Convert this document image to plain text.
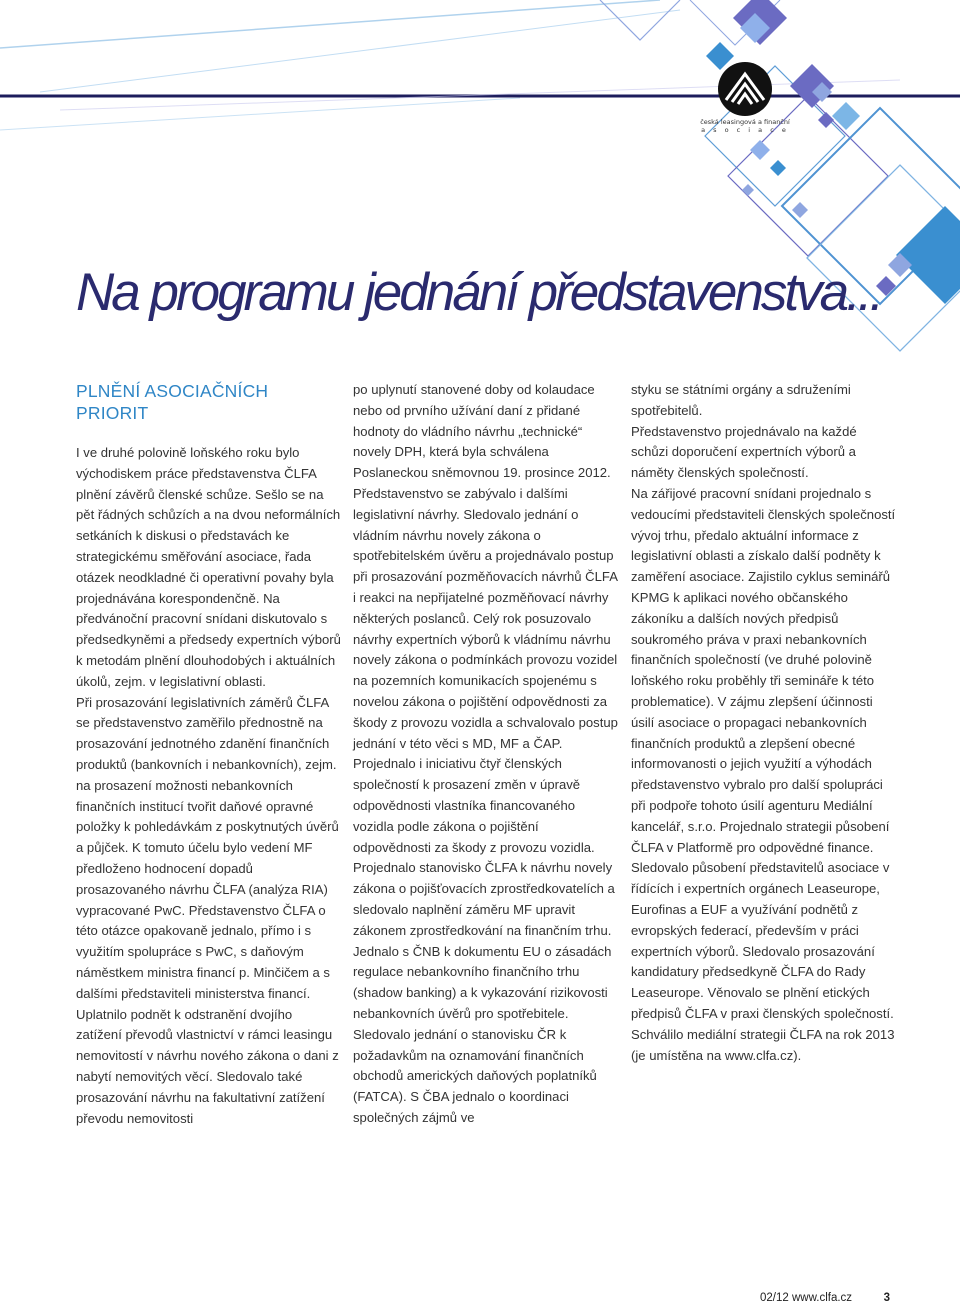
česká leasingová a finanční
a s o c i a c e
Na programu jednání představenstva...
PLNĚNÍ ASOCIAČNÍCH PRIORIT

I ve druhé polovině loňského roku bylo východiskem práce představenstva ČLFA plnění závěrů členské schůze. Sešlo se na pět řádných schůzích a na dvou neformálních setkáních k diskusi o představách ke strategickému směřování asociace, řada otázek neodkladné či operativní povahy byla projednávána korespondenčně. Na předvánoční pracovní snídani diskutovalo s předsedkyněmi a předsedy expertních výborů k metodám plnění dlouhodobých i aktuálních úkolů, zejm. v legislativní oblasti.

Při prosazování legislativních záměrů ČLFA se představenstvo zaměřilo přednostně na prosazování jednotného zdanění finančních produktů (bankovních i nebankovních), zejm. na prosazení možnosti nebankovních finančních institucí tvořit daňové opravné položky k pohledávkám z poskytnutých úvěrů a půjček. K tomuto účelu bylo vedení MF předloženo hodnocení dopadů prosazovaného návrhu ČLFA (analýza RIA) vypracované PwC. Představenstvo ČLFA o této otázce opakovaně jednalo, přímo i s využitím spolupráce s PwC, s daňovým náměstkem ministra financí p. Minčičem a s dalšími představiteli ministerstva financí. Uplatnilo podnět k odstranění dvojího zatížení převodů vlastnictví v rámci leasingu nemovitostí v návrhu nového zákona o dani z nabytí nemovitých věcí. Sledovalo také prosazování návrhu na fakultativní zatížení převodu nemovitosti

po uplynutí stanovené doby od kolaudace nebo od prvního užívání daní z přidané hodnoty do vládního návrhu „technické“ novely DPH, která byla schválena Poslaneckou sněmovnou 19. prosince 2012.

Představenstvo se zabývalo i dalšími legislativní návrhy. Sledovalo jednání o vládním návrhu novely zákona o spotřebitelském úvěru a projednávalo postup při prosazování pozměňovacích návrhů ČLFA i reakci na nepřijatelné pozměňovací návrhy některých poslanců. Celý rok posuzovalo návrhy expertních výborů k vládnímu návrhu novely zákona o podmínkách provozu vozidel na pozemních komunikacích spojenému s novelou zákona o pojištění odpovědnosti za škody z provozu vozidla a schvalovalo postup jednání v této věci s MD, MF a ČAP. Projednalo i iniciativu čtyř členských společností k prosazení změn v úpravě odpovědnosti vlastníka financovaného vozidla podle zákona o pojištění odpovědnosti za škody z provozu vozidla. Projednalo stanovisko ČLFA k návrhu novely zákona o pojišťovacích zprostředkovatelích a sledovalo naplnění záměru MF upravit zákonem zprostředkování na finančním trhu. Jednalo s ČNB k dokumentu EU o zásadách regulace nebankovního finančního trhu (shadow banking) a k vykazování rizikovosti nebankovních úvěrů pro spotřebitele. Sledovalo jednání o stanovisku ČR k požadavkům na oznamování finančních obchodů amerických daňových poplatníků (FATCA). S ČBA jednalo o koordinaci společných zájmů ve

styku se státními orgány a sdruženími spotřebitelů.

Představenstvo projednávalo na každé schůzi doporučení expertních výborů a náměty členských společností.

Na zářijové pracovní snídani projednalo s vedoucími představiteli členských společností vývoj trhu, předalo aktuální informace z legislativní oblasti a získalo další podněty k zaměření asociace. Zajistilo cyklus seminářů KPMG k aplikaci nového občanského zákoníku a dalších nových předpisů soukromého práva v praxi nebankovních finančních společností (ve druhé polovině loňského roku proběhly tři semináře k této problematice). V zájmu zlepšení účinnosti úsilí asociace o propagaci nebankovních finančních produktů a zlepšení obecné informovanosti o jejich využití a výhodách představenstvo vybralo pro další spolupráci při podpoře tohoto úsilí agenturu Mediální kancelář, s.r.o. Projednalo strategii působení ČLFA v Platformě pro odpovědné finance. Sledovalo působení představitelů asociace v řídících i expertních orgánech Leaseurope, Eurofinas a EUF a využívání podnětů z evropských federací, především v práci expertních výborů. Sledovalo prosazování kandidatury předsedkyně ČLFA do Rady Leaseurope. Věnovalo se plnění etických předpisů ČLFA v praxi členských společností. Schválilo mediální strategii ČLFA na rok 2013 (je umístěna na www.clfa.cz).

02/12 www.clfa.cz	3
